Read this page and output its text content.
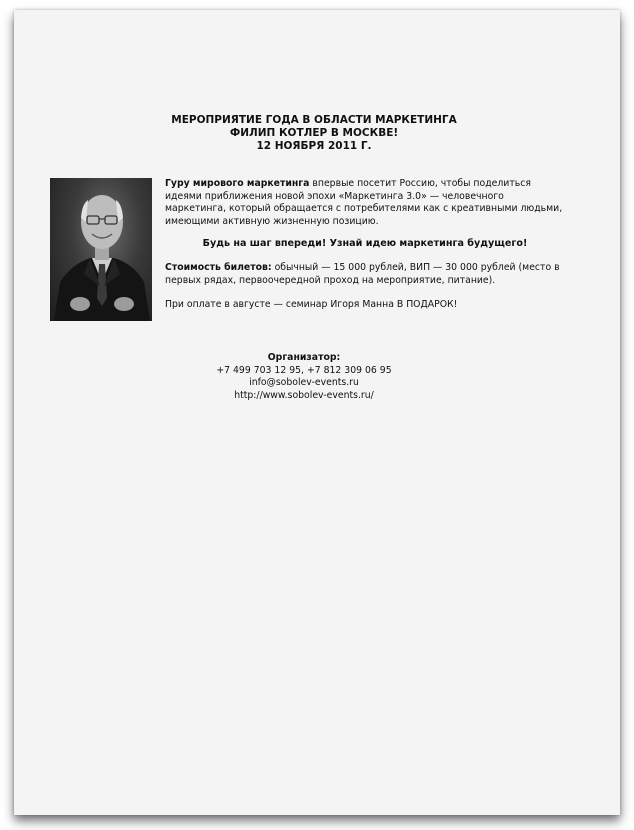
МЕРОПРИЯТИЕ ГОДА В ОБЛАСТИ МАРКЕТИНГА
ФИЛИП КОТЛЕР В МОСКВЕ!
12 НОЯБРЯ 2011 Г.

Гуру мирового маркетинга впервые посетит Россию, чтобы поделиться идеями приближения новой эпохи «Маркетинга 3.0» — человечного маркетинга, который обращается с потребителями как с креативными людьми, имеющими активную жизненную позицию.

Будь на шаг впереди! Узнай идею маркетинга будущего!

Стоимость билетов: обычный — 15 000 рублей, ВИП — 30 000 рублей (место в первых рядах, первоочередной проход на мероприятие, питание).

При оплате в августе — семинар Игоря Манна В ПОДАРОК!

Организатор:
+7 499 703 12 95, +7 812 309 06 95
info@sobolev-events.ru
http://www.sobolev-events.ru/
